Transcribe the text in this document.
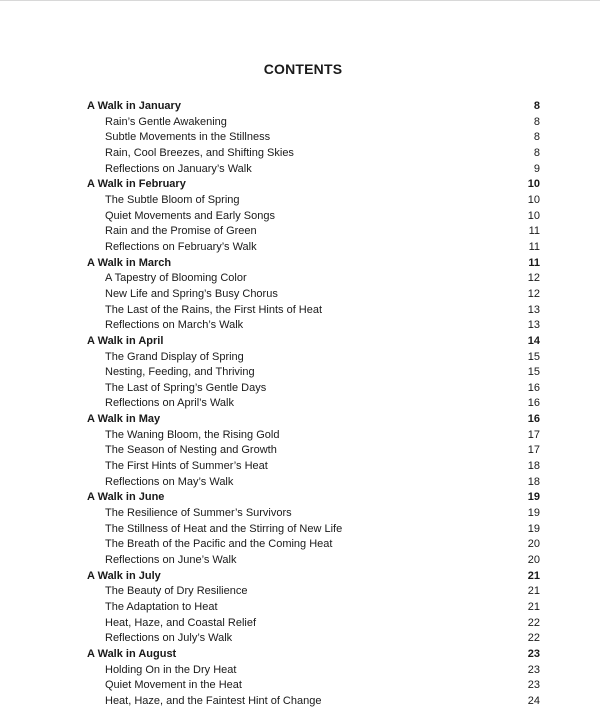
CONTENTS
A Walk in January	8
Rain’s Gentle Awakening	8
Subtle Movements in the Stillness	8
Rain, Cool Breezes, and Shifting Skies	8
Reflections on January’s Walk	9
A Walk in February	10
The Subtle Bloom of Spring	10
Quiet Movements and Early Songs	10
Rain and the Promise of Green	11
Reflections on February’s Walk	11
A Walk in March	11
A Tapestry of Blooming Color	12
New Life and Spring’s Busy Chorus	12
The Last of the Rains, the First Hints of Heat	13
Reflections on March’s Walk	13
A Walk in April	14
The Grand Display of Spring	15
Nesting, Feeding, and Thriving	15
The Last of Spring’s Gentle Days	16
Reflections on April’s Walk	16
A Walk in May	16
The Waning Bloom, the Rising Gold	17
The Season of Nesting and Growth	17
The First Hints of Summer’s Heat	18
Reflections on May’s Walk	18
A Walk in June	19
The Resilience of Summer’s Survivors	19
The Stillness of Heat and the Stirring of New Life	19
The Breath of the Pacific and the Coming Heat	20
Reflections on June’s Walk	20
A Walk in July	21
The Beauty of Dry Resilience	21
The Adaptation to Heat	21
Heat, Haze, and Coastal Relief	22
Reflections on July’s Walk	22
A Walk in August	23
Holding On in the Dry Heat	23
Quiet Movement in the Heat	23
Heat, Haze, and the Faintest Hint of Change	24
